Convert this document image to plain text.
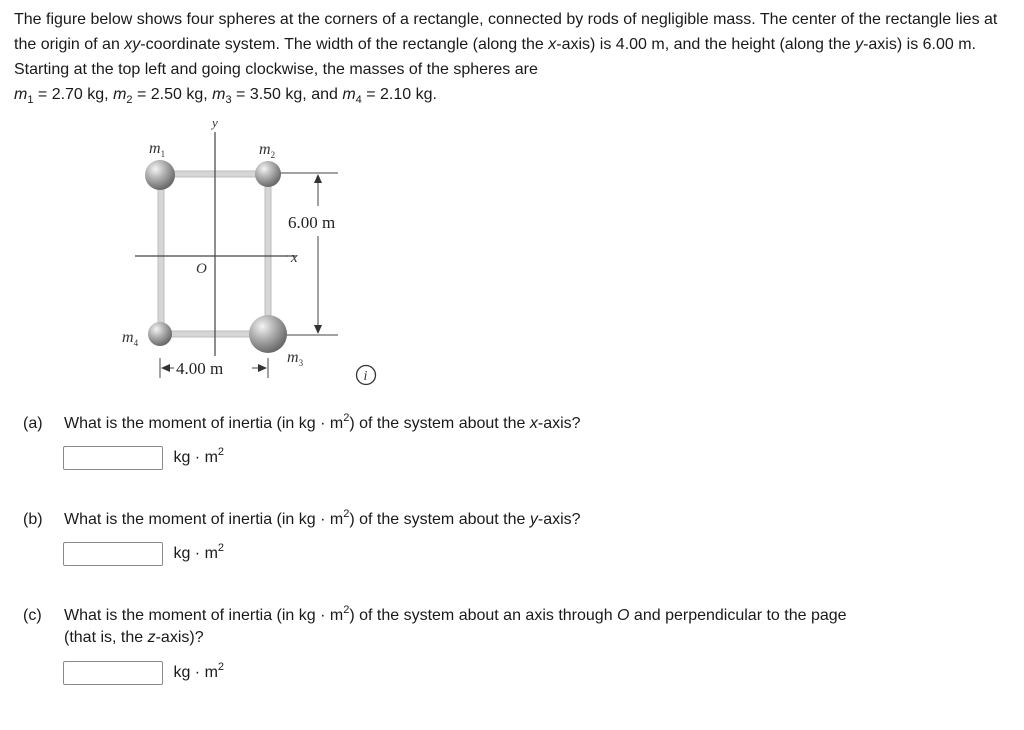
The figure below shows four spheres at the corners of a rectangle, connected by rods of negligible mass. The center of the rectangle lies at the origin of an xy-coordinate system. The width of the rectangle (along the x-axis) is 4.00 m, and the height (along the y-axis) is 6.00 m. Starting at the top left and going clockwise, the masses of the spheres are
$m_1 = 2.70$ kg, $m_2 = 2.50$ kg, $m_3 = 3.50$ kg, and $m_4 = 2.10$ kg.

y
x
O
6.00 m
4.00 m
$m_1$	$m_2$
$m_3$
$m_4$
i
(a) What is the moment of inertia (in kg · $m^2$) of the system about the x-axis?
kg · $m^2$
(b) What is the moment of inertia (in kg · $m^2$) of the system about the y-axis?
kg · $m^2$
(c) What is the moment of inertia (in kg · $m^2$) of the system about an axis through O and perpendicular to the page
(that is, the z-axis)?
kg · $m^2$
